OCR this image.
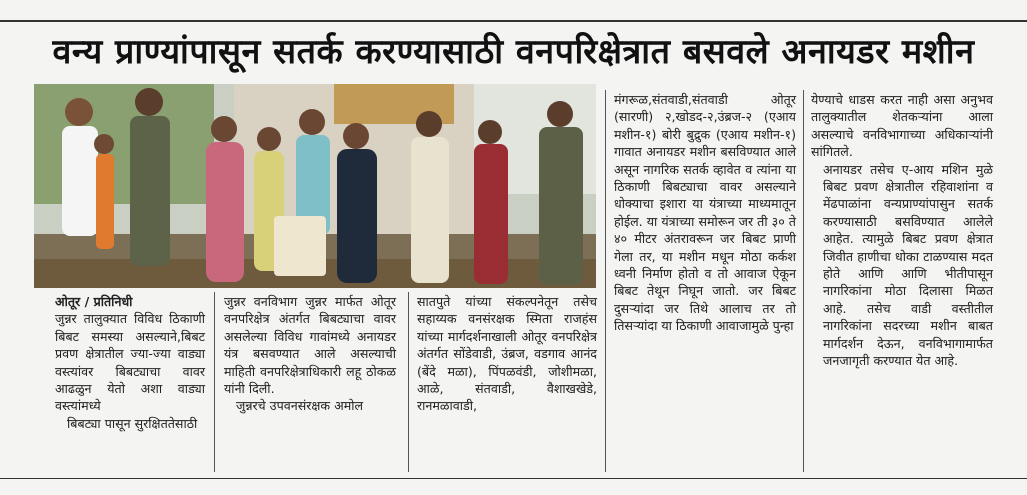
वन्य प्राण्यांपासून सतर्क करण्यासाठी वनपरिक्षेत्रात बसवले अनायडर मशीन

ओतूर / प्रतिनिधी

जुन्नर तालुक्यात विविध ठिकाणी बिबट समस्या असल्याने,बिबट प्रवण क्षेत्रातील ज्या-ज्या वाड्या वस्त्यांवर बिबट्याचा वावर आढळुन येतो अशा वाड्या वस्त्यांमध्ये

बिबट्या पासून सुरक्षिततेसाठी

जुन्नर वनविभाग जुन्नर मार्फत ओतूर वनपरिक्षेत्र अंतर्गत बिबट्याचा वावर असलेल्या विविध गावांमध्ये अनायडर यंत्र बसवण्यात आले असल्याची माहिती वनपरिक्षेत्राधिकारी लहू ठोकळ यांनी दिली.

जुन्नरचे उपवनसंरक्षक अमोल

सातपुते यांच्या संकल्पनेतून तसेच सहाय्यक वनसंरक्षक स्मिता राजहंस यांच्या मार्गदर्शनाखाली ओतूर वनपरिक्षेत्र अंतर्गत सोंडेवाडी, उंब्रज, वडगाव आनंद (बेंदे मळा), पिंपळवंडी, जोशीमळा, आळे, संतवाडी, वैशाखखेडे, रानमळावाडी,

मंगरूळ,संतवाडी,संतवाडी ओतूर (सारणी) २,खोडद-२,उंब्रज-२ (एआय मशीन-१) बोरी बुद्रुक (एआय मशीन-१) गावात अनायडर मशीन बसविण्यात आले असून नागरिक सतर्क व्हावेत व त्यांना या ठिकाणी बिबट्याचा वावर असल्याने धोक्याचा इशारा या यंत्राच्या माध्यमातून होईल. या यंत्राच्या समोरून जर ती ३० ते ४० मीटर अंतरावरून जर बिबट प्राणी गेला तर, या मशीन मधून मोठा कर्कश ध्वनी निर्माण होतो व तो आवाज ऐकून बिबट तेथून निघून जातो. जर बिबट दुसऱ्यांदा जर तिथे आलाच तर तो तिसऱ्यांदा या ठिकाणी आवाजामुळे पुन्हा

येण्याचे धाडस करत नाही असा अनुभव तालुक्यातील शेतकऱ्यांना आला असल्याचे वनविभागाच्या अधिकाऱ्यांनी सांगितले.

अनायडर तसेच ए-आय मशिन मुळे बिबट प्रवण क्षेत्रातील रहिवाशांना व मेंढपाळांना वन्यप्राण्यांपासुन सतर्क करण्यासाठी बसविण्यात आलेले आहेत. त्यामुळे बिबट प्रवण क्षेत्रात जिवीत हाणीचा धोका टाळण्यास मदत होते आणि आणि भीतीपासून नागरिकांना मोठा दिलासा मिळत आहे. तसेच वाडी वस्तीतील नागरिकांना सदरच्या मशीन बाबत मार्गदर्शन देऊन, वनविभागामार्फत जनजागृती करण्यात येत आहे.
